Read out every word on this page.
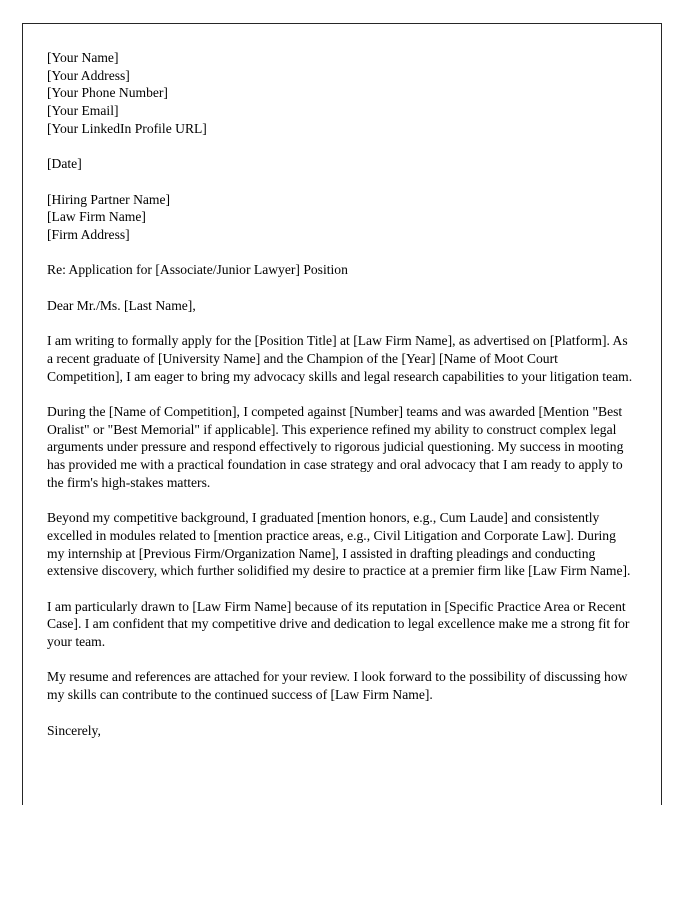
[Your Name]
[Your Address]
[Your Phone Number]
[Your Email]
[Your LinkedIn Profile URL]
[Date]
[Hiring Partner Name]
[Law Firm Name]
[Firm Address]

Re: Application for [Associate/Junior Lawyer] Position

Dear Mr./Ms. [Last Name],

I am writing to formally apply for the [Position Title] at [Law Firm Name], as advertised on [Platform]. As a recent graduate of [University Name] and the Champion of the [Year] [Name of Moot Court Competition], I am eager to bring my advocacy skills and legal research capabilities to your litigation team.

During the [Name of Competition], I competed against [Number] teams and was awarded [Mention "Best Oralist" or "Best Memorial" if applicable]. This experience refined my ability to construct complex legal arguments under pressure and respond effectively to rigorous judicial questioning. My success in mooting has provided me with a practical foundation in case strategy and oral advocacy that I am ready to apply to the firm's high-stakes matters.

Beyond my competitive background, I graduated [mention honors, e.g., Cum Laude] and consistently excelled in modules related to [mention practice areas, e.g., Civil Litigation and Corporate Law]. During my internship at [Previous Firm/Organization Name], I assisted in drafting pleadings and conducting extensive discovery, which further solidified my desire to practice at a premier firm like [Law Firm Name].

I am particularly drawn to [Law Firm Name] because of its reputation in [Specific Practice Area or Recent Case]. I am confident that my competitive drive and dedication to legal excellence make me a strong fit for your team.

My resume and references are attached for your review. I look forward to the possibility of discussing how my skills can contribute to the continued success of [Law Firm Name].

Sincerely,
